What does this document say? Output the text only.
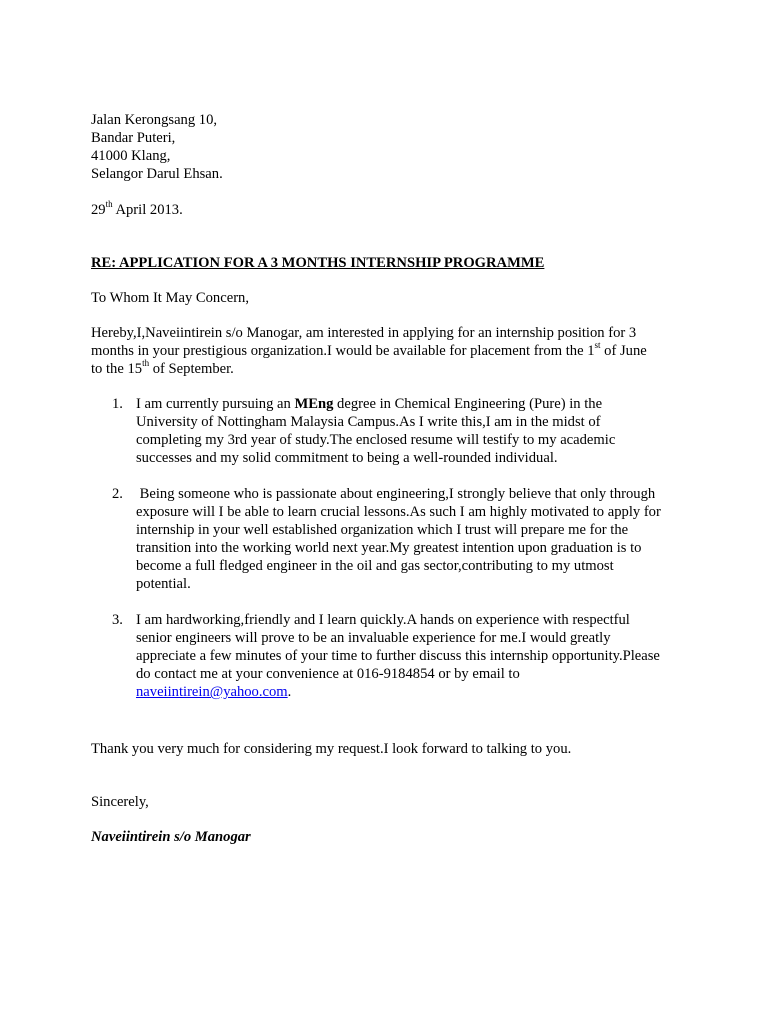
Jalan Kerongsang 10,
Bandar Puteri,
41000 Klang,
Selangor Darul Ehsan.
29th April 2013.
RE: APPLICATION FOR A 3 MONTHS INTERNSHIP PROGRAMME
To Whom It May Concern,
Hereby,I,Naveiintirein s/o Manogar, am interested in applying for an internship position for 3
months in your prestigious organization.I would be available for placement from the 1st of June
to the 15th of September.
1. I am currently pursuing an MEng degree in Chemical Engineering (Pure) in the
University of Nottingham Malaysia Campus.As I write this,I am in the midst of
completing my 3rd year of study.The enclosed resume will testify to my academic
successes and my solid commitment to being a well-rounded individual.
2. Being someone who is passionate about engineering,I strongly believe that only through
exposure will I be able to learn crucial lessons.As such I am highly motivated to apply for
internship in your well established organization which I trust will prepare me for the
transition into the working world next year.My greatest intention upon graduation is to
become a full fledged engineer in the oil and gas sector,contributing to my utmost
potential.
3. I am hardworking,friendly and I learn quickly.A hands on experience with respectful
senior engineers will prove to be an invaluable experience for me.I would greatly
appreciate a few minutes of your time to further discuss this internship opportunity.Please
do contact me at your convenience at 016-9184854 or by email to
naveiintirein@yahoo.com.
Thank you very much for considering my request.I look forward to talking to you.
Sincerely,
Naveiintirein s/o Manogar
